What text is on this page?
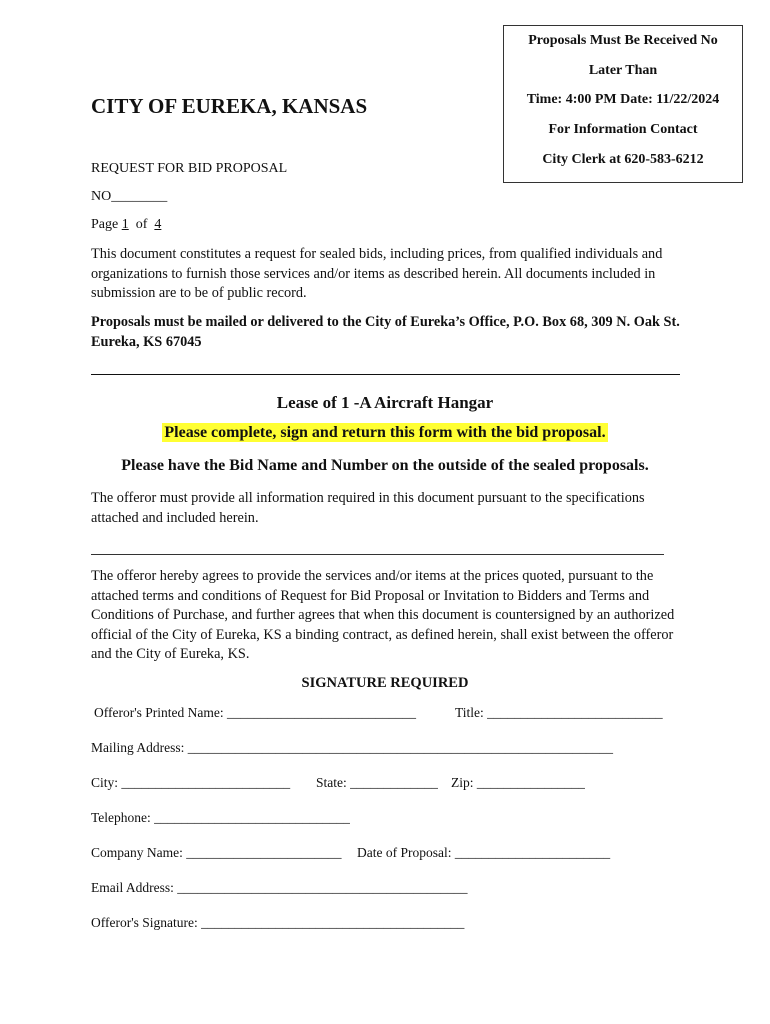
Proposals Must Be Received No
Later Than
Time: 4:00 PM Date: 11/22/2024
For Information Contact
City Clerk at 620-583-6212
CITY OF EUREKA, KANSAS
REQUEST FOR BID PROPOSAL
NO________
Page 1 of 4
This document constitutes a request for sealed bids, including prices, from qualified individuals and organizations to furnish those services and/or items as described herein. All documents included in submission are to be of public record.
Proposals must be mailed or delivered to the City of Eureka’s Office, P.O. Box 68, 309 N. Oak St. Eureka, KS 67045
Lease of 1 -A Aircraft Hangar
Please complete, sign and return this form with the bid proposal.
Please have the Bid Name and Number on the outside of the sealed proposals.
The offeror must provide all information required in this document pursuant to the specifications attached and included herein.
The offeror hereby agrees to provide the services and/or items at the prices quoted, pursuant to the attached terms and conditions of Request for Bid Proposal or Invitation to Bidders and Terms and Conditions of Purchase, and further agrees that when this document is countersigned by an authorized official of the City of Eureka, KS a binding contract, as defined herein, shall exist between the offeror and the City of Eureka, KS.
SIGNATURE REQUIRED
Offeror's Printed Name: ____________________________	Title: __________________________
Mailing Address: _______________________________________________________________
City: _________________________ State: _____________ Zip: ________________
Telephone: _____________________________
Company Name: _______________________ Date of Proposal: _______________________
Email Address: ___________________________________________
Offeror's Signature: _______________________________________
